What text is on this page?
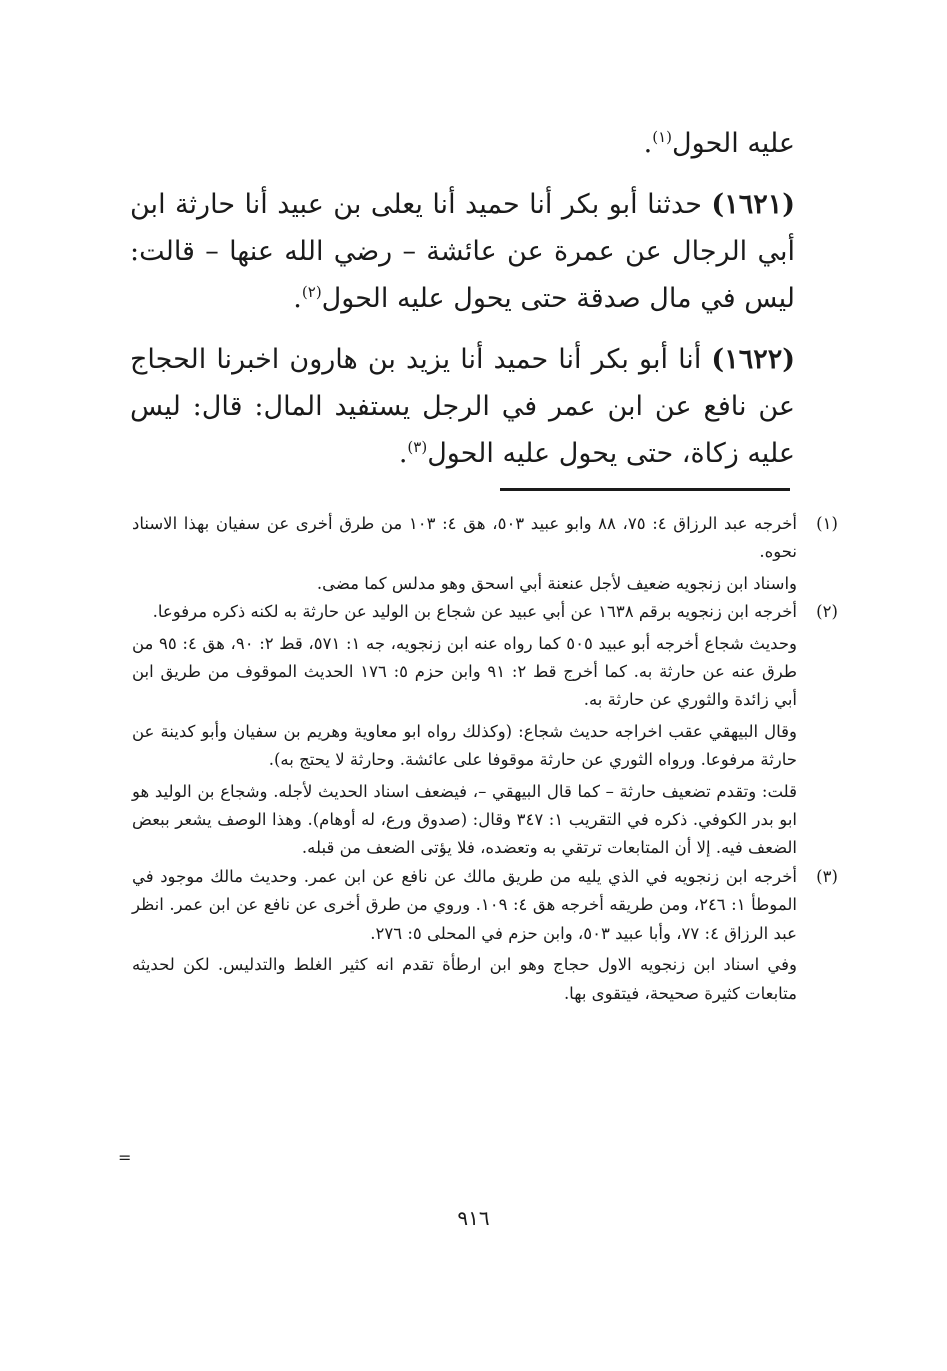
عليه الحول$^{(١)}$.

(١٦٢١) حدثنا أبو بكر أنا حميد أنا يعلى بن عبيد أنا حارثة ابن أبي الرجال عن عمرة عن عائشة – رضي الله عنها – قالت: ليس في مال صدقة حتى يحول عليه الحول$^{(٢)}$.

(١٦٢٢) أنا أبو بكر أنا حميد أنا يزيد بن هارون اخبرنا الحجاج عن نافع عن ابن عمر في الرجل يستفيد المال: قال: ليس عليه زكاة، حتى يحول عليه الحول$^{(٣)}$.

(١)

أخرجه عبد الرزاق ٤: ٧٥، ٨٨ وابو عبيد ٥٠٣، هق ٤: ١٠٣ من طرق أخرى عن سفيان بهذا الاسناد نحوه.

واسناد ابن زنجويه ضعيف لأجل عنعنة أبي اسحق وهو مدلس كما مضى.

(٢)

أخرجه ابن زنجويه برقم ١٦٣٨ عن أبي عبيد عن شجاع بن الوليد عن حارثة به لكنه ذكره مرفوعا.

وحديث شجاع أخرجه أبو عبيد ٥٠٥ كما رواه عنه ابن زنجويه، جه ١: ٥٧١، قط ٢: ٩٠، هق ٤: ٩٥ من طرق عنه عن حارثة به. كما أخرج قط ٢: ٩١ وابن حزم ٥: ١٧٦ الحديث الموقوف من طريق ابن أبي زائدة والثوري عن حارثة به.

وقال البيهقي عقب اخراجه حديث شجاع: (وكذلك رواه ابو معاوية وهريم بن سفيان وأبو كدينة عن حارثة مرفوعا. ورواه الثوري عن حارثة موقوفا على عائشة. وحارثة لا يحتج به).

قلت: وتقدم تضعيف حارثة – كما قال البيهقي –، فيضعف اسناد الحديث لأجله. وشجاع بن الوليد هو ابو بدر الكوفي. ذكره في التقريب ١: ٣٤٧ وقال: (صدوق ورع، له أوهام). وهذا الوصف يشعر ببعض الضعف فيه. إلا أن المتابعات ترتقي به وتعضده، فلا يؤتى الضعف من قبله.

(٣)

أخرجه ابن زنجويه في الذي يليه من طريق مالك عن نافع عن ابن عمر. وحديث مالك موجود في الموطأ ١: ٢٤٦، ومن طريقه أخرجه هق ٤: ١٠٩. وروي من طرق أخرى عن نافع عن ابن عمر. انظر عبد الرزاق ٤: ٧٧، وأبا عبيد ٥٠٣، وابن حزم في المحلى ٥: ٢٧٦.

وفي اسناد ابن زنجويه الاول حجاج وهو ابن ارطأة تقدم انه كثير الغلط والتدليس. لكن لحديثه متابعات كثيرة صحيحة، فيتقوى بها.

=
٩١٦
